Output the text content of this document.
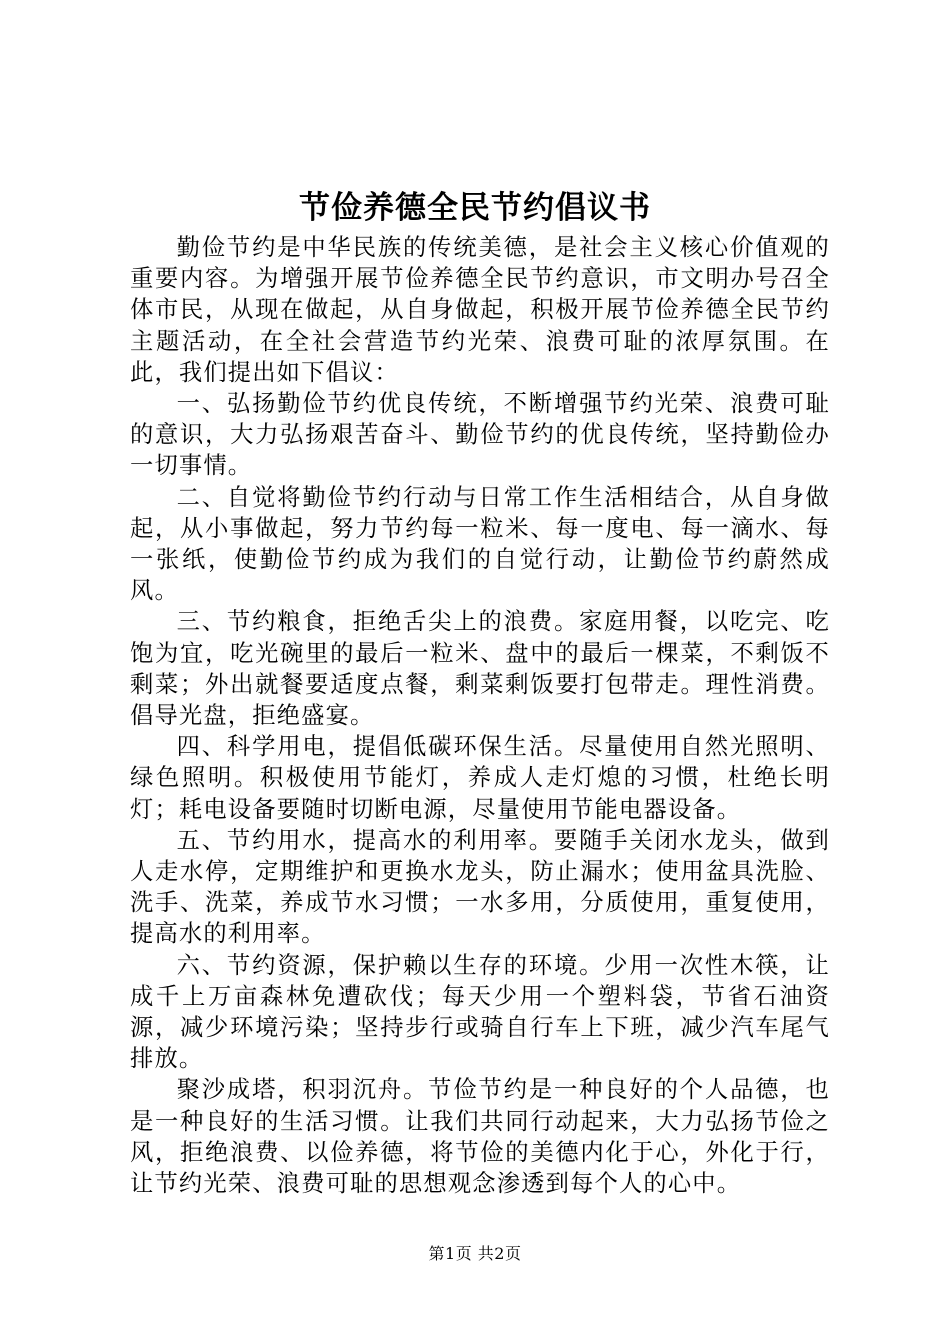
节俭养德全民节约倡议书

勤俭节约是中华民族的传统美德，是社会主义核心价值观的重要内容。为增强开展节俭养德全民节约意识，市文明办号召全体市民，从现在做起，从自身做起，积极开展节俭养德全民节约主题活动，在全社会营造节约光荣、浪费可耻的浓厚氛围。在此，我们提出如下倡议：

一、弘扬勤俭节约优良传统，不断增强节约光荣、浪费可耻的意识，大力弘扬艰苦奋斗、勤俭节约的优良传统，坚持勤俭办一切事情。

二、自觉将勤俭节约行动与日常工作生活相结合，从自身做起，从小事做起，努力节约每一粒米、每一度电、每一滴水、每一张纸，使勤俭节约成为我们的自觉行动，让勤俭节约蔚然成风。

三、节约粮食，拒绝舌尖上的浪费。家庭用餐，以吃完、吃饱为宜，吃光碗里的最后一粒米、盘中的最后一棵菜，不剩饭不剩菜；外出就餐要适度点餐，剩菜剩饭要打包带走。理性消费。倡导光盘，拒绝盛宴。

四、科学用电，提倡低碳环保生活。尽量使用自然光照明、绿色照明。积极使用节能灯，养成人走灯熄的习惯，杜绝长明灯；耗电设备要随时切断电源，尽量使用节能电器设备。

五、节约用水，提高水的利用率。要随手关闭水龙头，做到人走水停，定期维护和更换水龙头，防止漏水；使用盆具洗脸、洗手、洗菜，养成节水习惯；一水多用，分质使用，重复使用，提高水的利用率。

六、节约资源，保护赖以生存的环境。少用一次性木筷，让成千上万亩森林免遭砍伐；每天少用一个塑料袋，节省石油资源，减少环境污染；坚持步行或骑自行车上下班，减少汽车尾气排放。

聚沙成塔，积羽沉舟。节俭节约是一种良好的个人品德，也是一种良好的生活习惯。让我们共同行动起来，大力弘扬节俭之风，拒绝浪费、以俭养德，将节俭的美德内化于心，外化于行，让节约光荣、浪费可耻的思想观念渗透到每个人的心中。

第1页 共2页
